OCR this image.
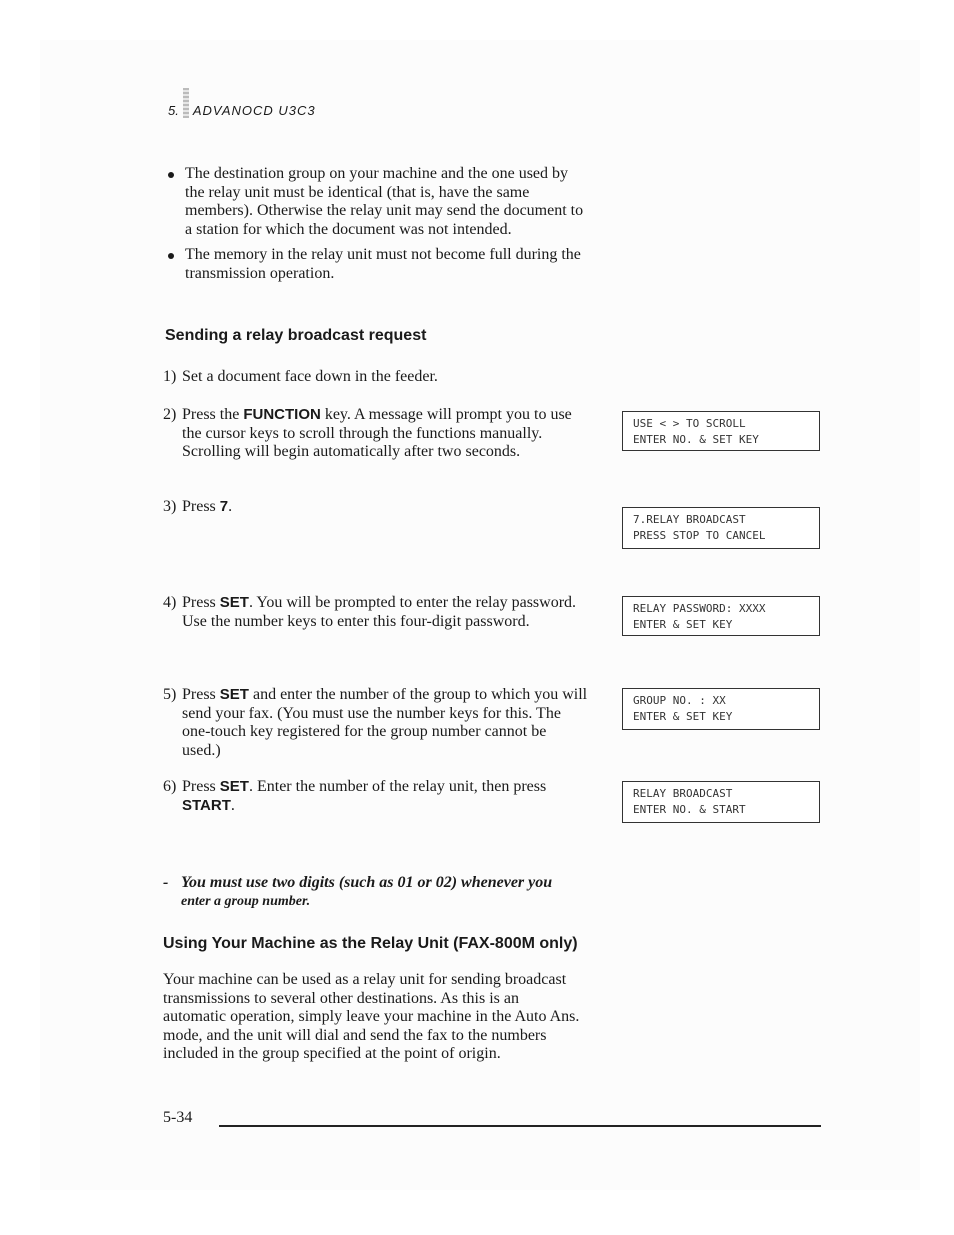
5. ADVANOCD U3C3
The destination group on your machine and the one used by the relay unit must be identical (that is, have the same members). Otherwise the relay unit may send the document to a station for which the document was not intended.
The memory in the relay unit must not become full during the transmission operation.
Sending a relay broadcast request
1) Set a document face down in the feeder.
2) Press the FUNCTION key. A message will prompt you to use the cursor keys to scroll through the functions manually. Scrolling will begin automatically after two seconds.
3) Press 7.
4) Press SET. You will be prompted to enter the relay password. Use the number keys to enter this four-digit password.
5) Press SET and enter the number of the group to which you will send your fax. (You must use the number keys for this. The one-touch key registered for the group number cannot be used.)
6) Press SET. Enter the number of the relay unit, then press START.
USE < > TO SCROLL
ENTER NO. & SET KEY
7.RELAY BROADCAST
PRESS STOP TO CANCEL
RELAY PASSWORD: XXXX
ENTER & SET KEY
GROUP NO. : XX
ENTER & SET KEY
RELAY BROADCAST
ENTER NO. & START
- You must use two digits (such as 01 or 02) whenever you
enter a group number.
Using Your Machine as the Relay Unit (FAX-800M only)
Your machine can be used as a relay unit for sending broadcast transmissions to several other destinations. As this is an automatic operation, simply leave your machine in the Auto Ans. mode, and the unit will dial and send the fax to the numbers included in the group specified at the point of origin.
5-34
